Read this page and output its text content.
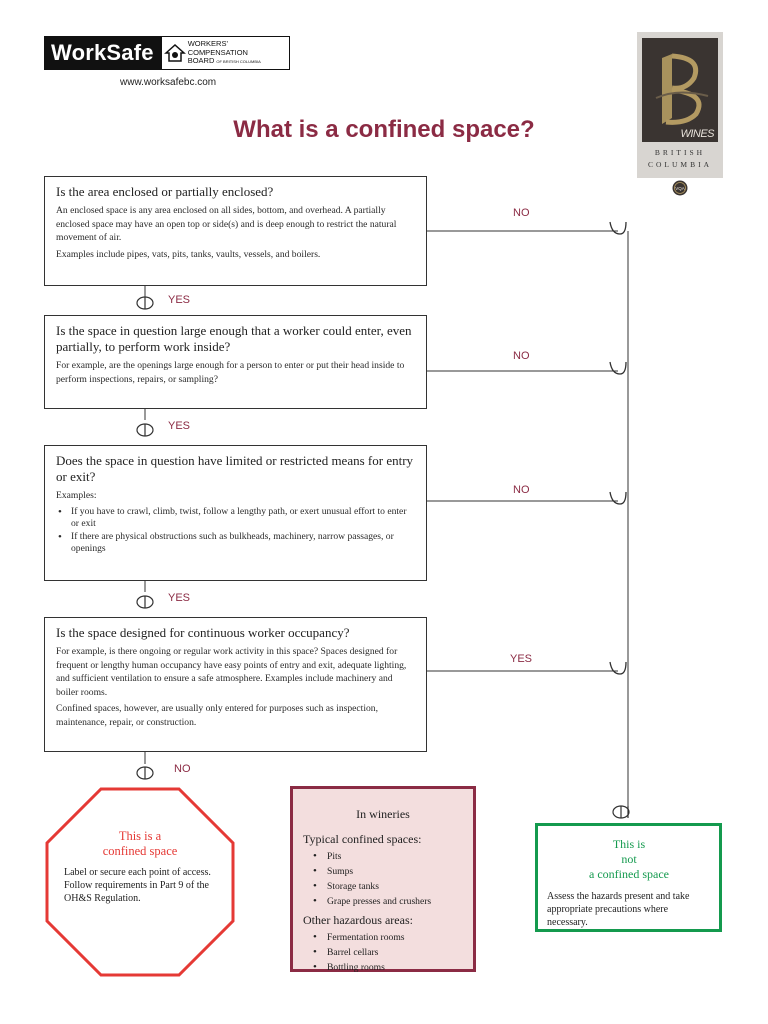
WorkSafe	WORKERS'
COMPENSATION
BOARD OF BRITISH COLUMBIA
www.worksafebc.com
WINES
BRITISH
COLUMBIA
VQA
What is a confined space?
Is the area enclosed or partially enclosed?
An enclosed space is any area enclosed on all sides, bottom, and overhead. A partially enclosed space may have an open top or side(s) and is deep enough to restrict the natural movement of air.
Examples include pipes, vats, pits, tanks, vaults, vessels, and boilers.
NO
YES
Is the space in question large enough that a worker could enter, even partially, to perform work inside?
For example, are the openings large enough for a person to enter or put their head inside to perform inspections, repairs, or sampling?
NO
YES
Does the space in question have limited or restricted means for entry or exit?
Examples:
• If you have to crawl, climb, twist, follow a lengthy path, or exert unusual effort to enter or exit
• If there are physical obstructions such as bulkheads, machinery, narrow passages, or openings
NO
YES
Is the space designed for continuous worker occupancy?
For example, is there ongoing or regular work activity in this space? Spaces designed for frequent or lengthy human occupancy have easy points of entry and exit, adequate lighting, and sufficient ventilation to ensure a safe atmosphere. Examples include machinery and boiler rooms.
Confined spaces, however, are usually only entered for purposes such as inspection, maintenance, repair, or construction.
YES
NO
This is a
confined space
Label or secure each point of access. Follow requirements in Part 9 of the OH&S Regulation.
In wineries
Typical confined spaces:
• Pits
• Sumps
• Storage tanks
• Grape presses and crushers
Other hazardous areas:
• Fermentation rooms
• Barrel cellars
• Bottling rooms
This is
not
a confined space
Assess the hazards present and take appropriate precautions where necessary.
